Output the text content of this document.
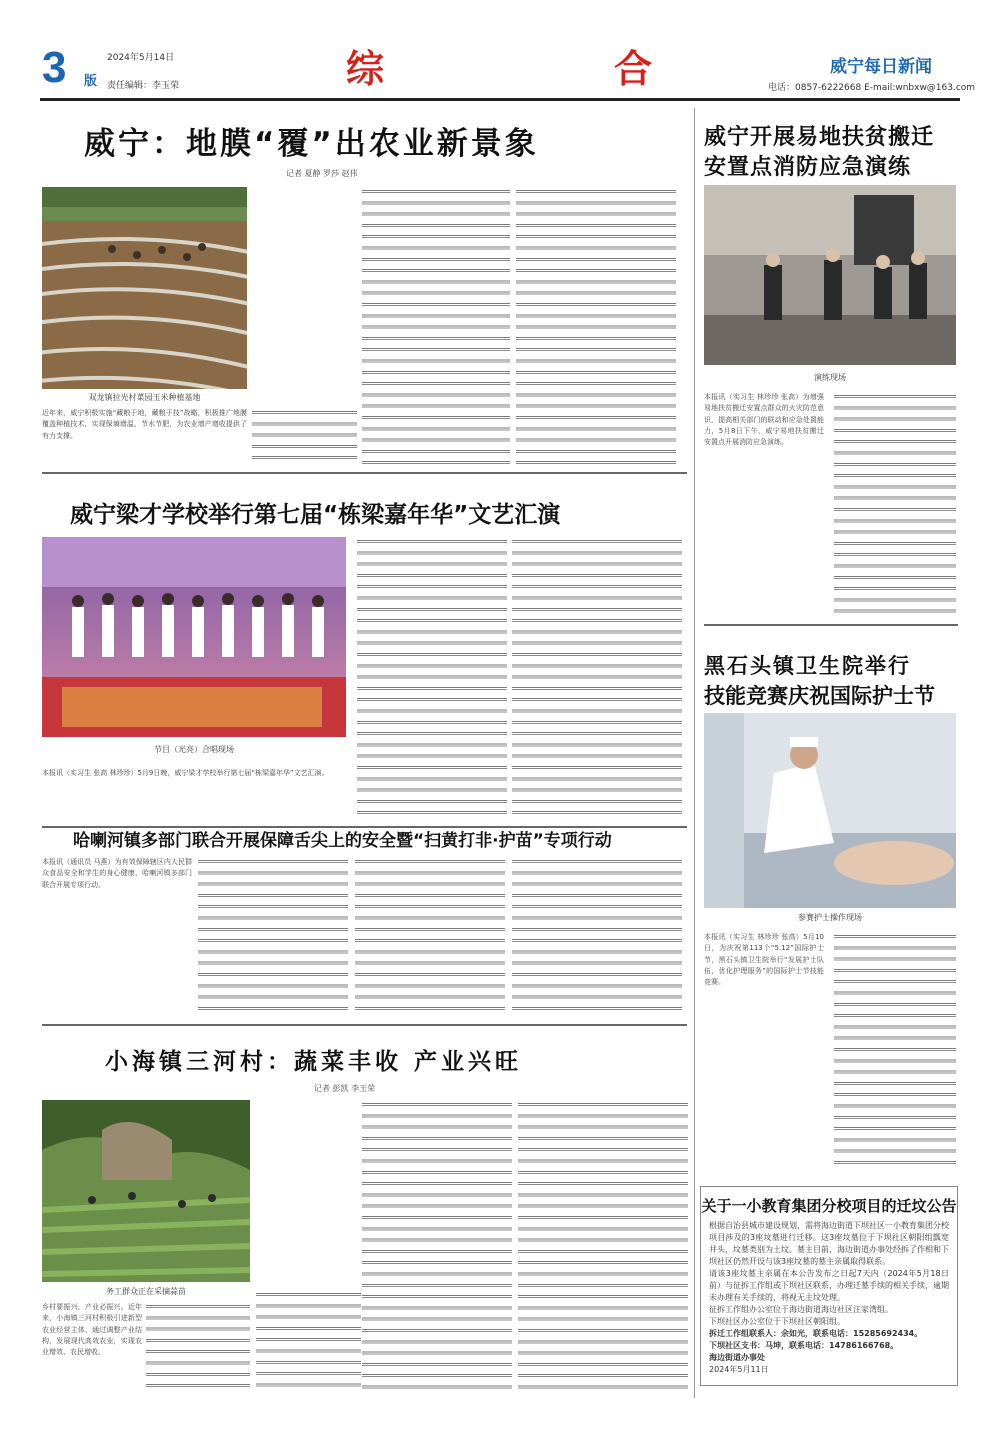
3 版
2024年5月14日
责任编辑：李玉荣	综	合	威宁每日新闻
电话：0857-6222668 E-mail:wnbxw@163.com
威宁：地膜“覆”出农业新景象
记者 夏静 罗莎 赵伟
双龙镇拉光村菜园玉米种植基地
近年来，威宁积极实施“藏粮于地，藏粮于技”战略，积极推广地膜覆盖种植技术，实现保墒增温、节水节肥，为农业增产增收提供了有力支撑。
威宁梁才学校举行第七届“栋梁嘉年华”文艺汇演
节目（光亮）合唱现场
本报讯（实习生 张高 林珍珍）5月9日晚，威宁梁才学校举行第七届“栋梁嘉年华”文艺汇演。
哈喇河镇多部门联合开展保障舌尖上的安全暨“扫黄打非·护苗”专项行动
本报讯（通讯员 马燕）为有效保障辖区内人民群众食品安全和学生的身心健康，哈喇河镇多部门联合开展专项行动。
小海镇三河村：蔬菜丰收 产业兴旺
记者 彭凯 李玉荣
务工群众正在采摘蒜苗
乡村要振兴，产业必振兴。近年来，小海镇三河村积极引进新型农业经营主体，通过调整产业结构，发展现代高效农业，实现农业增效、农民增收。
威宁开展易地扶贫搬迁
安置点消防应急演练
演练现场
本报讯（实习生 林珍珍 张高）为增强易地扶贫搬迁安置点群众的火灾防范意识，提高相关部门的联动和应急处置能力，5月8日下午，威宁易地扶贫搬迁安置点开展消防应急演练。
黑石头镇卫生院举行
技能竞赛庆祝国际护士节
参赛护士操作现场
本报讯（实习生 林珍珍 张高）5月10日，为庆祝第113个“5.12”国际护士节，黑石头镇卫生院举行“发展护士队伍，优化护理服务”的国际护士节技能竞赛。
关于一小教育集团分校项目的迁坟公告

根据自治县城市建设规划，需将海边街道下坝社区一小教育集团分校项目涉及的3座坟墓进行迁移。这3座坟墓位于下坝社区朝阳组瓢宽井头，坟墓类别为土坟。墓主目前，海边街道办事处经拆了作相和下坝社区仍然开设与该3座坟墓的墓主亲属取得联系。

请该3座坟墓主亲属在本公告发布之日起7天内（2024年5月18日前）与征拆工作组或下坝社区联系，办理迁墓手续的相关手续，逾期未办理有关手续的，将视无主坟处理。

征拆工作组办公室位于海边街道海边社区汪家湾组。

下坝社区办公室位于下坝社区朝阳组。

拆迁工作组联系人：余如光，联系电话：15285692434。

下坝社区支书：马坤，联系电话：14786166768。

海边街道办事处

2024年5月11日
